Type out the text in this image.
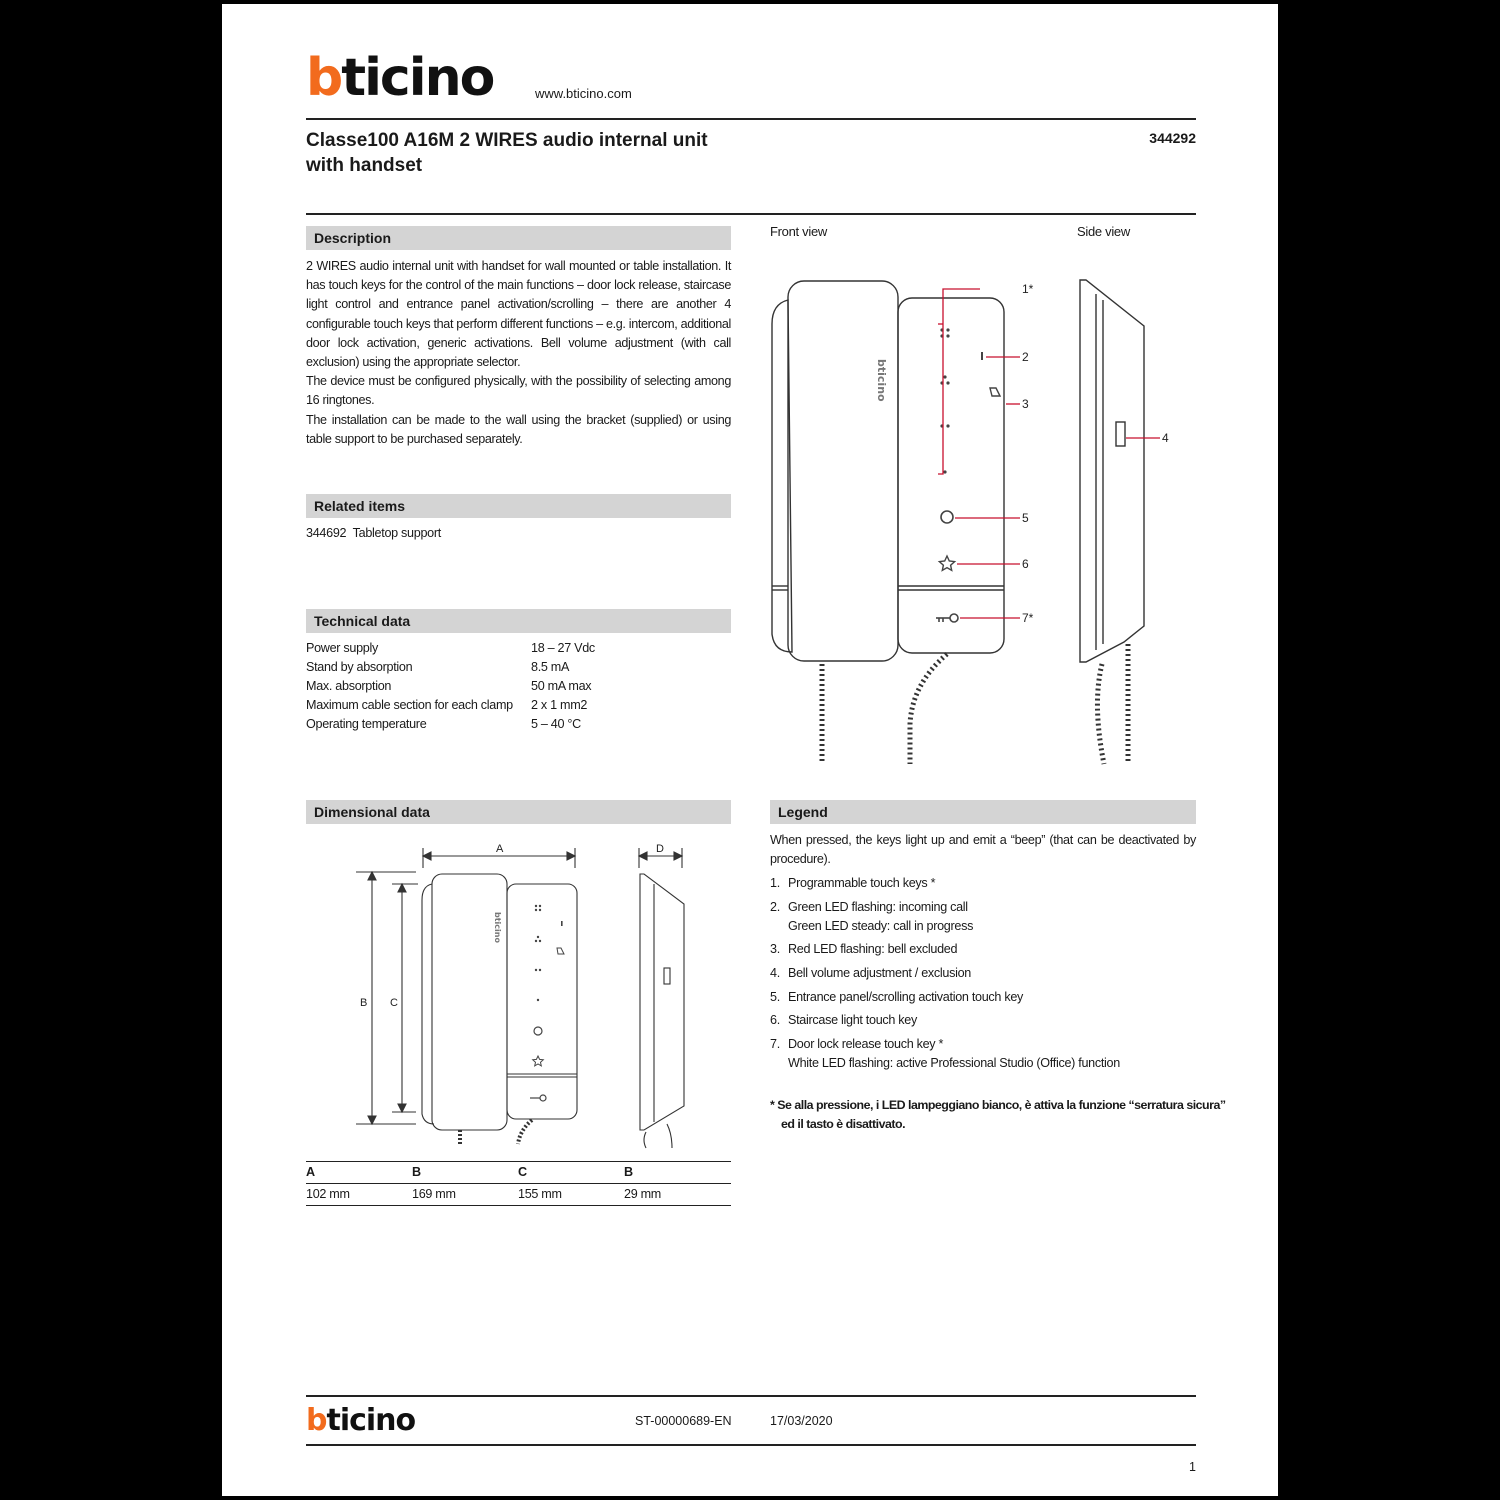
bticino	www.bticino.com
Classe100 A16M 2 WIRES audio internal unit
with handset
344292
Description

2 WIRES audio internal unit with handset for wall mounted or table installation. It has touch keys for the control of the main functions – door lock release, staircase light control and entrance panel activation/scrolling – there are another 4 configurable touch keys that perform different functions – e.g. intercom, additional door lock activation, generic activations. Bell volume adjustment (with call exclusion) using the appropriate selector.

The device must be configured physically, with the possibility of selecting among 16 ringtones.

The installation can be made to the wall using the bracket (supplied) or using table support to be purchased separately.

Related items
344692 Tabletop support
Technical data
Power supply	18 – 27 Vdc
Stand by absorption	8.5 mA
Max. absorption	50 mA max
Maximum cable section for each clamp 2 x 1 mm2
Operating temperature	5 – 40 °C
Front view	Side view
bticino
1*
2
3
5
6
7*
4
Dimensional data
bticino
A
B C
D
A	B	C	B
102 mm	169 mm	155 mm	29 mm
Legend
When pressed, the keys light up and emit a “beep” (that can be deactivated by procedure).
1. Programmable touch keys *
2. Green LED flashing: incoming call
Green LED steady: call in progress
3. Red LED flashing: bell excluded
4. Bell volume adjustment / exclusion
5. Entrance panel/scrolling activation touch key
6. Staircase light touch key
7. Door lock release touch key *
White LED flashing: active Professional Studio (Office) function
* Se alla pressione, i LED lampeggiano bianco, è attiva la funzione “serratura sicura”
ed il tasto è disattivato.
bticino	ST-00000689-EN	17/03/2020
1
